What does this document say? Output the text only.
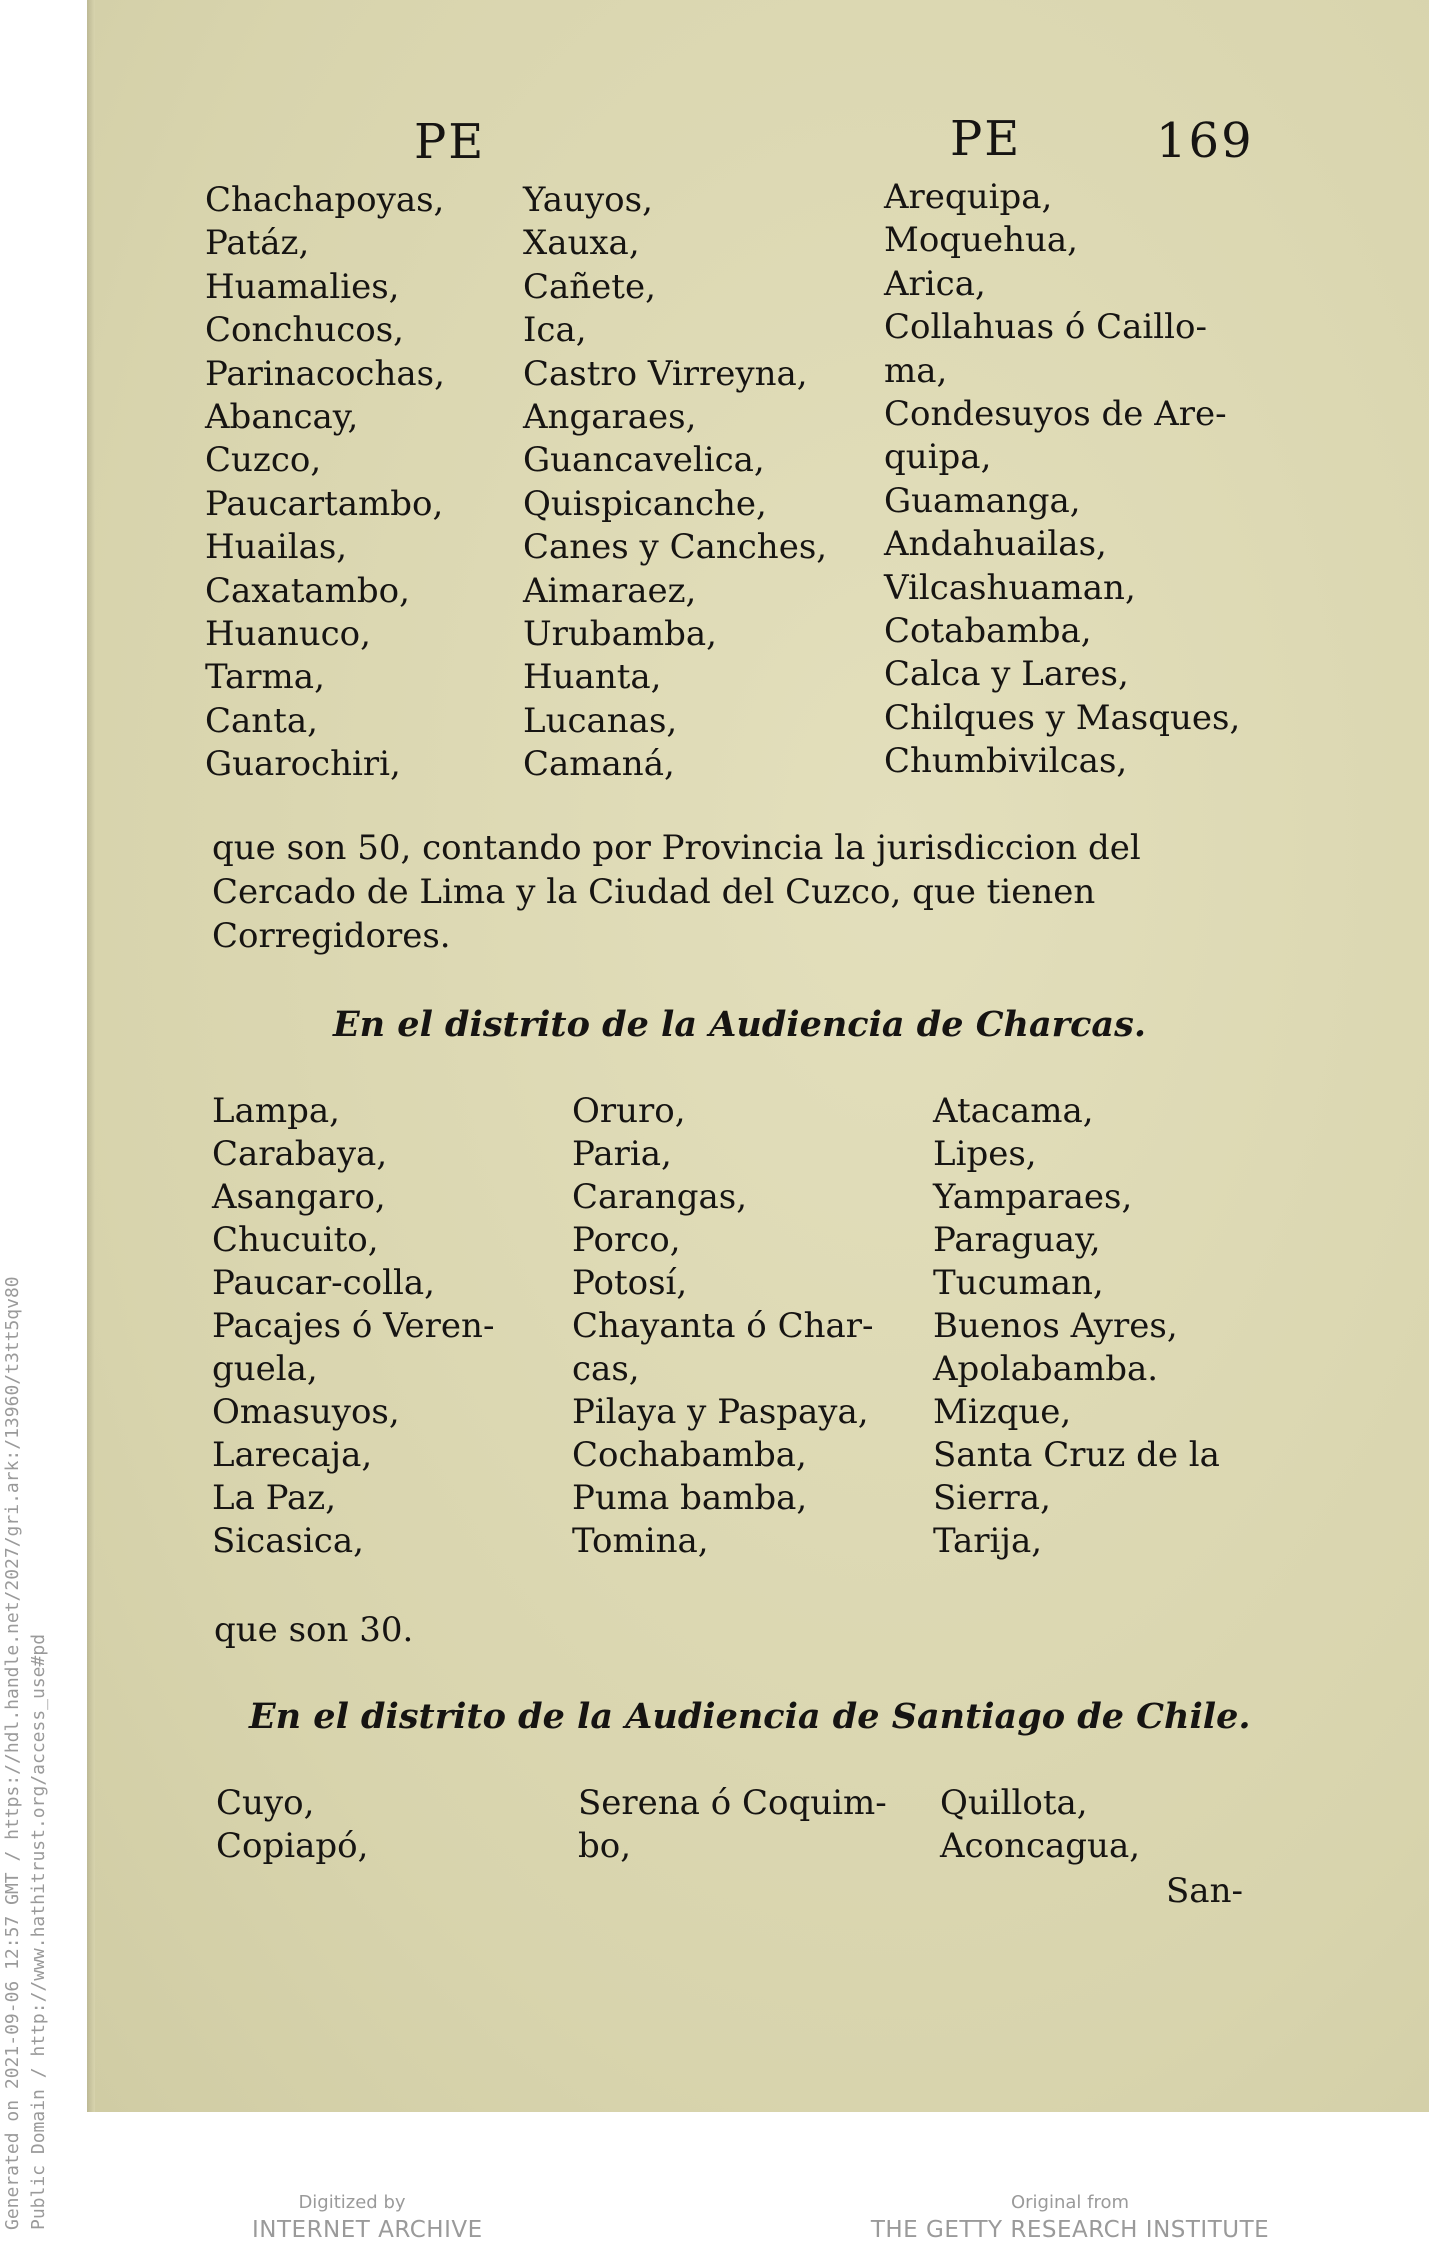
PE	PE	169
Chachapoyas,
Patáz,
Huamalies,
Conchucos,
Parinacochas,
Abancay,
Cuzco,
Paucartambo,
Huailas,
Caxatambo,
Huanuco,
Tarma,
Canta,
Guarochiri,
Yauyos,
Xauxa,
Cañete,
Ica,
Castro Virreyna,
Angaraes,
Guancavelica,
Quispicanche,
Canes y Canches,
Aimaraez,
Urubamba,
Huanta,
Lucanas,
Camaná,
Arequipa,
Moquehua,
Arica,
Collahuas ó Caillo-
ma,
Condesuyos de Are-
quipa,
Guamanga,
Andahuailas,
Vilcashuaman,
Cotabamba,
Calca y Lares,
Chilques y Masques,
Chumbivilcas,
que son 50, contando por Provincia la jurisdiccion del
Cercado de Lima y la Ciudad del Cuzco, que tienen
Corregidores.
En el distrito de la Audiencia de Charcas.
Lampa,
Carabaya,
Asangaro,
Chucuito,
Paucar-colla,
Pacajes ó Veren-
guela,
Omasuyos,
Larecaja,
La Paz,
Sicasica,
Oruro,
Paria,
Carangas,
Porco,
Potosí,
Chayanta ó Char-
cas,
Pilaya y Paspaya,
Cochabamba,
Puma bamba,
Tomina,
Atacama,
Lipes,
Yamparaes,
Paraguay,
Tucuman,
Buenos Ayres,
Apolabamba.
Mizque,
Santa Cruz de la
Sierra,
Tarija,
que son 30.
En el distrito de la Audiencia de Santiago de Chile.
Cuyo,
Copiapó,
Serena ó Coquim-
bo,
Quillota,
Aconcagua,
San-
Generated on 2021-09-06 12:57 GMT / https://hdl.handle.net/2027/gri.ark:/13960/t3tt5qv80 Public Domain / http://www.hathitrust.org/access_use#pd	Digitized by
INTERNET ARCHIVE
Original from
THE GETTY RESEARCH INSTITUTE
